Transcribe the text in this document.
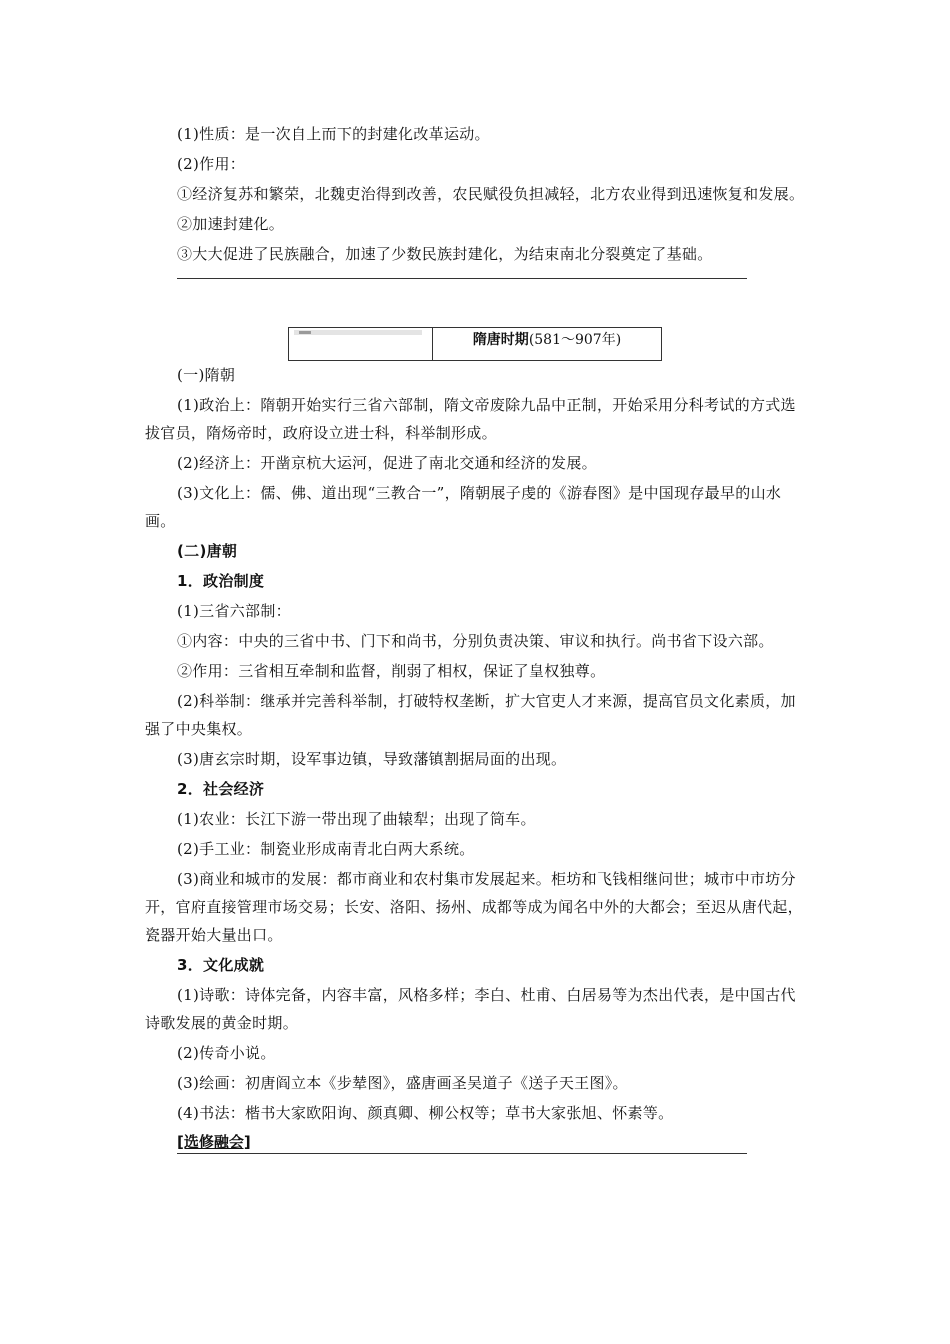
(1)性质：是一次自上而下的封建化改革运动。

(2)作用：

①经济复苏和繁荣，北魏吏治得到改善，农民赋役负担减轻，北方农业得到迅速恢复和发展。

②加速封建化。

③大大促进了民族融合，加速了少数民族封建化，为结束南北分裂奠定了基础。

隋唐时期(581～907年)

(一)隋朝

(1)政治上：隋朝开始实行三省六部制，隋文帝废除九品中正制，开始采用分科考试的方式选拔官员，隋炀帝时，政府设立进士科，科举制形成。

(2)经济上：开凿京杭大运河，促进了南北交通和经济的发展。

(3)文化上：儒、佛、道出现“三教合一”，隋朝展子虔的《游春图》是中国现存最早的山水画。

(二)唐朝

1．政治制度

(1)三省六部制：

①内容：中央的三省中书、门下和尚书，分别负责决策、审议和执行。尚书省下设六部。

②作用：三省相互牵制和监督，削弱了相权，保证了皇权独尊。

(2)科举制：继承并完善科举制，打破特权垄断，扩大官吏人才来源，提高官员文化素质，加强了中央集权。

(3)唐玄宗时期，设军事边镇，导致藩镇割据局面的出现。

2．社会经济

(1)农业：长江下游一带出现了曲辕犁；出现了筒车。

(2)手工业：制瓷业形成南青北白两大系统。

(3)商业和城市的发展：都市商业和农村集市发展起来。柜坊和飞钱相继问世；城市中市坊分开，官府直接管理市场交易；长安、洛阳、扬州、成都等成为闻名中外的大都会；至迟从唐代起，瓷器开始大量出口。

3．文化成就

(1)诗歌：诗体完备，内容丰富，风格多样；李白、杜甫、白居易等为杰出代表，是中国古代诗歌发展的黄金时期。

(2)传奇小说。

(3)绘画：初唐阎立本《步辇图》，盛唐画圣吴道子《送子天王图》。

(4)书法：楷书大家欧阳询、颜真卿、柳公权等；草书大家张旭、怀素等。

[选修融会]
